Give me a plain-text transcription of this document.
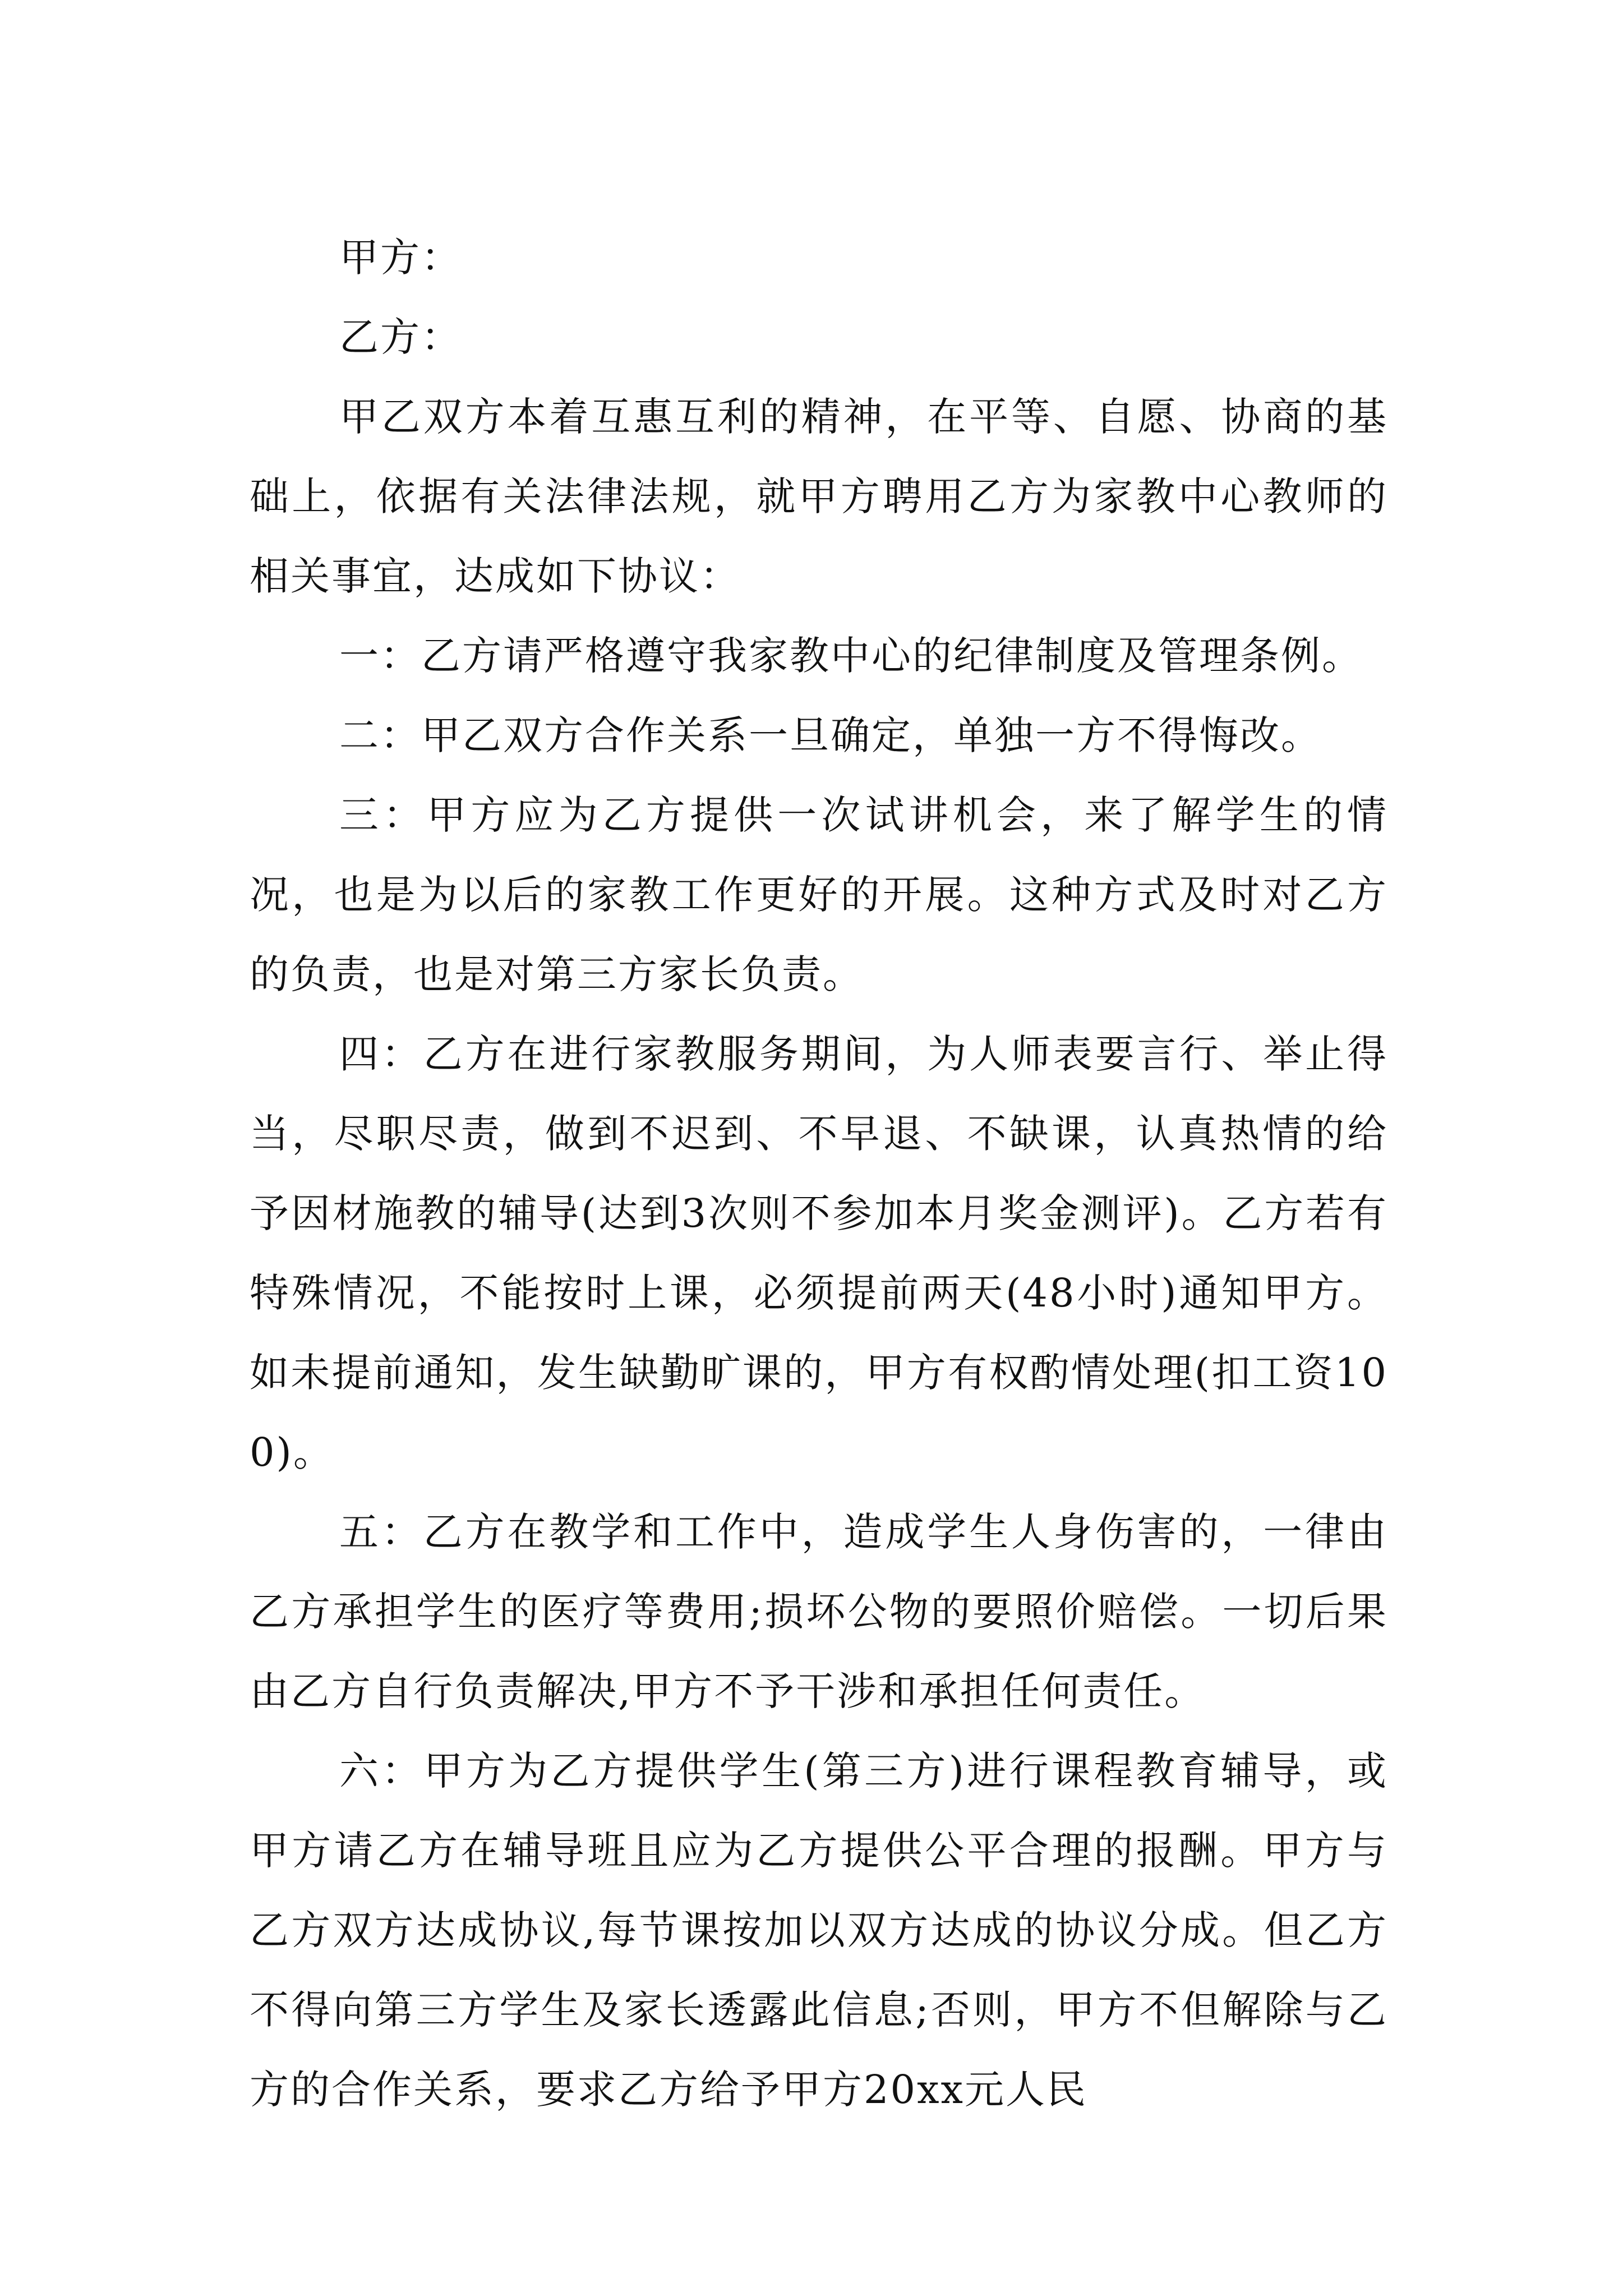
甲方：

乙方：

甲乙双方本着互惠互利的精神，在平等、自愿、协商的基础上，依据有关法律法规，就甲方聘用乙方为家教中心教师的相关事宜，达成如下协议：

一：乙方请严格遵守我家教中心的纪律制度及管理条例。

二：甲乙双方合作关系一旦确定，单独一方不得悔改。

三：甲方应为乙方提供一次试讲机会，来了解学生的情况，也是为以后的家教工作更好的开展。这种方式及时对乙方的负责，也是对第三方家长负责。

四：乙方在进行家教服务期间，为人师表要言行、举止得当，尽职尽责，做到不迟到、不早退、不缺课，认真热情的给予因材施教的辅导(达到3次则不参加本月奖金测评)。乙方若有特殊情况，不能按时上课，必须提前两天(48小时)通知甲方。如未提前通知，发生缺勤旷课的，甲方有权酌情处理(扣工资100)。

五：乙方在教学和工作中，造成学生人身伤害的，一律由乙方承担学生的医疗等费用;损坏公物的要照价赔偿。一切后果由乙方自行负责解决,甲方不予干涉和承担任何责任。

六：甲方为乙方提供学生(第三方)进行课程教育辅导，或甲方请乙方在辅导班且应为乙方提供公平合理的报酬。甲方与乙方双方达成协议,每节课按加以双方达成的协议分成。但乙方不得向第三方学生及家长透露此信息;否则，甲方不但解除与乙方的合作关系，要求乙方给予甲方20xx元人民
